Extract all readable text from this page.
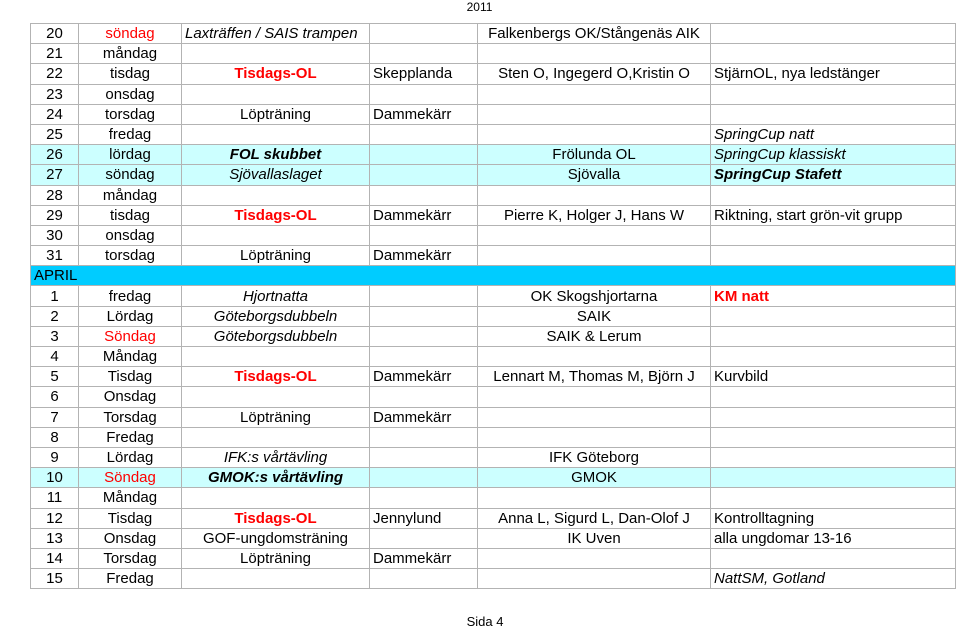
2011
20	söndag	Laxträffen / SAIS trampen		Falkenbergs OK/Stångenäs AIK	
21	måndag				
22	tisdag	Tisdags-OL	Skepplanda	Sten O, Ingegerd O,Kristin O	StjärnOL, nya ledstänger
23	onsdag				
24	torsdag	Löpträning	Dammekärr		
25	fredag				SpringCup natt
26	lördag	FOL skubbet		Frölunda OL	SpringCup klassiskt
27	söndag	Sjövallaslaget		Sjövalla	SpringCup Stafett
28	måndag				
29	tisdag	Tisdags-OL	Dammekärr	Pierre K, Holger J, Hans W	Riktning, start grön-vit grupp
30	onsdag				
31	torsdag	Löpträning	Dammekärr		
APRIL					
1	fredag	Hjortnatta		OK Skogshjortarna	KM natt
2	Lördag	Göteborgsdubbeln		SAIK	
3	Söndag	Göteborgsdubbeln		SAIK & Lerum	
4	Måndag				
5	Tisdag	Tisdags-OL	Dammekärr	Lennart M, Thomas M, Björn J	Kurvbild
6	Onsdag				
7	Torsdag	Löpträning	Dammekärr		
8	Fredag				
9	Lördag	IFK:s vårtävling		IFK Göteborg	
10	Söndag	GMOK:s vårtävling		GMOK	
11	Måndag				
12	Tisdag	Tisdags-OL	Jennylund	Anna L, Sigurd L, Dan-Olof J	Kontrolltagning
13	Onsdag	GOF-ungdomsträning		IK Uven	alla ungdomar 13-16
14	Torsdag	Löpträning	Dammekärr		
15	Fredag				NattSM, Gotland
Sida 4
